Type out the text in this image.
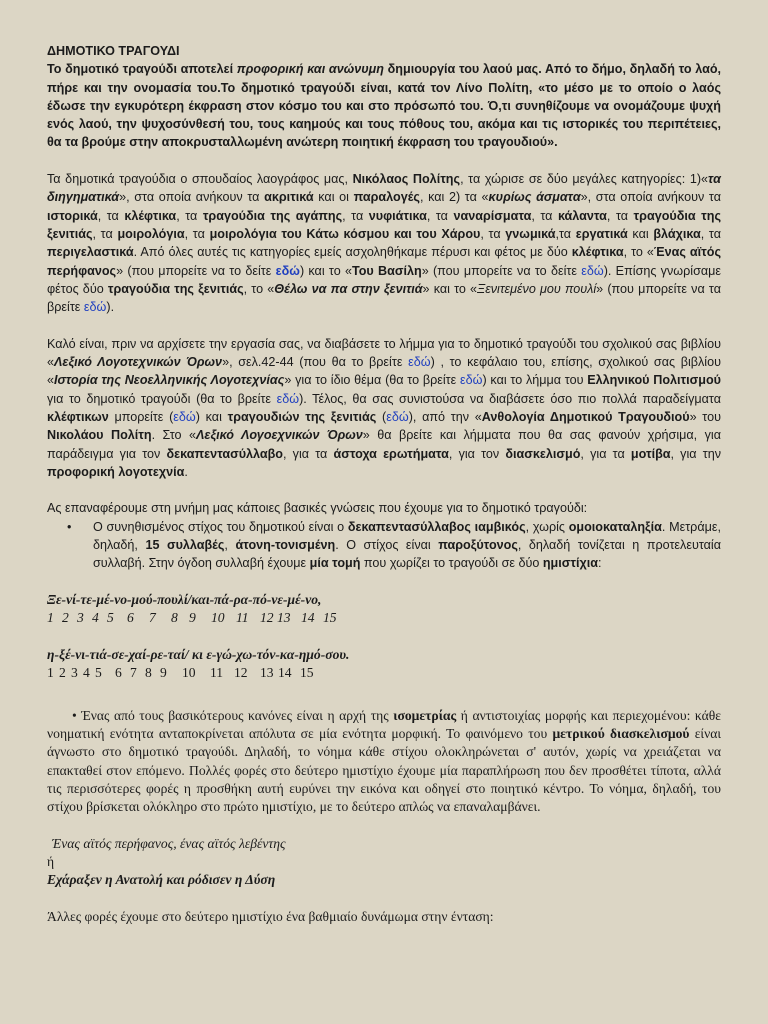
ΔΗΜΟΤΙΚΟ ΤΡΑΓΟΥΔΙ

Το δημοτικό τραγούδι αποτελεί προφορική και ανώνυμη δημιουργία του λαού μας. Από το δήμο, δηλαδή το λαό, πήρε και την ονομασία του.Το δημοτικό τραγούδι είναι, κατά τον Λίνο Πολίτη, «το μέσο με το οποίο ο λαός έδωσε την εγκυρότερη έκφραση στον κόσμο του και στο πρόσωπό του. Ό,τι συνηθίζουμε να ονομάζουμε ψυχή ενός λαού, την ψυχοσύνθεσή του, τους καημούς και τους πόθους του, ακόμα και τις ιστορικές του περιπέτειες, θα τα βρούμε στην αποκρυσταλλωμένη ανώτερη ποιητική έκφραση του τραγουδιού».

Τα δημοτικά τραγούδια ο σπουδαίος λαογράφος μας, Νικόλαος Πολίτης, τα χώρισε σε δύο μεγάλες κατηγορίες: 1)«τα διηγηματικά», στα οποία ανήκουν τα ακριτικά και οι παραλογές, και 2) τα «κυρίως άσματα», στα οποία ανήκουν τα ιστορικά, τα κλέφτικα, τα τραγούδια της αγάπης, τα νυφιάτικα, τα ναναρίσματα, τα κάλαντα, τα τραγούδια της ξενιτιάς, τα μοιρολόγια, τα μοιρολόγια του Κάτω κόσμου και του Χάρου, τα γνωμικά,τα εργατικά και βλάχικα, τα περιγελαστικά. Από όλες αυτές τις κατηγορίες εμείς ασχοληθήκαμε πέρυσι και φέτος με δύο κλέφτικα, το «Ένας αϊτός περήφανος» (που μπορείτε να το δείτε εδώ) και το «Του Βασίλη» (που μπορείτε να το δείτε εδώ). Επίσης γνωρίσαμε φέτος δύο τραγούδια της ξενιτιάς, το «Θέλω να πα στην ξενιτιά» και το «Ξενιτεμένο μου πουλί» (που μπορείτε να τα βρείτε εδώ).

Καλό είναι, πριν να αρχίσετε την εργασία σας, να διαβάσετε το λήμμα για το δημοτικό τραγούδι του σχολικού σας βιβλίου «Λεξικό Λογοτεχνικών Όρων», σελ.42-44 (που θα το βρείτε εδώ) , το κεφάλαιο του, επίσης, σχολικού σας βιβλίου «Ιστορία της Νεοελληνικής Λογοτεχνίας» για το ίδιο θέμα (θα το βρείτε εδώ) και το λήμμα του Ελληνικού Πολιτισμού για το δημοτικό τραγούδι (θα το βρείτε εδώ). Τέλος, θα σας συνιστούσα να διαβάσετε όσο πιο πολλά παραδείγματα κλέφτικων μπορείτε (εδώ) και τραγουδιών της ξενιτιάς (εδώ), από την «Ανθολογία Δημοτικού Τραγουδιού» του Νικολάου Πολίτη. Στο «Λεξικό Λογοεχνικών Όρων» θα βρείτε και λήμματα που θα σας φανούν χρήσιμα, για παράδειγμα για τον δεκαπεντασύλλαβο, για τα άστοχα ερωτήματα, για τον διασκελισμό, για τα μοτίβα, για την προφορική λογοτεχνία.

Ας επαναφέρουμε στη μνήμη μας κάποιες βασικές γνώσεις που έχουμε για το δημοτικό τραγούδι:

•	Ο συνηθισμένος στίχος του δημοτικού είναι ο δεκαπεντασύλλαβος ιαμβικός, χωρίς ομοιοκαταληξία. Μετράμε, δηλαδή, 15 συλλαβές, άτονη-τονισμένη. Ο στίχος είναι παροξύτονος, δηλαδή τονίζεται η προτελευταία συλλαβή. Στην όγδοη συλλαβή έχουμε μία τομή που χωρίζει το τραγούδι σε δύο ημιστίχια:

Ξε-νί-τε-μέ-νο-μού-πουλί/και-πά-ρα-πό-νε-μέ-νο,

1 2 3 4 5 6 7 8 9 10 11 12 13 14 15

η-ξέ-νι-τιά-σε-χαί-ρε-ταί/ κι ε-γώ-χω-τόν-κα-ημό-σου.

1 2 3 4 5 6 7 8 9 10 11 12 13 14 15

• Ένας από τους βασικότερους κανόνες είναι η αρχή της ισομετρίας ή αντιστοιχίας μορφής και περιεχομένου: κάθε νοηματική ενότητα ανταποκρίνεται απόλυτα σε μία ενότητα μορφική. Το φαινόμενο του μετρικού διασκελισμού είναι άγνωστο στο δημοτικό τραγούδι. Δηλαδή, το νόημα κάθε στίχου ολοκληρώνεται σ' αυτόν, χωρίς να χρειάζεται να επακταθεί στον επόμενο. Πολλές φορές στο δεύτερο ημιστίχιο έχουμε μία παραπλήρωση που δεν προσθέτει τίποτα, αλλά τις περισσότερες φορές η προσθήκη αυτή ευρύνει την εικόνα και οδηγεί στο ποιητικό κέντρο. Το νόημα, δηλαδή, του στίχου βρίσκεται ολόκληρο στο πρώτο ημιστίχιο, με το δεύτερο απλώς να επαναλαμβάνει.

Ένας αϊτός περήφανος, ένας αϊτός λεβέντης

ή

Εχάραξεν η Ανατολή και ρόδισεν η Δύση

Άλλες φορές έχουμε στο δεύτερο ημιστίχιο ένα βαθμιαίο δυνάμωμα στην ένταση:
